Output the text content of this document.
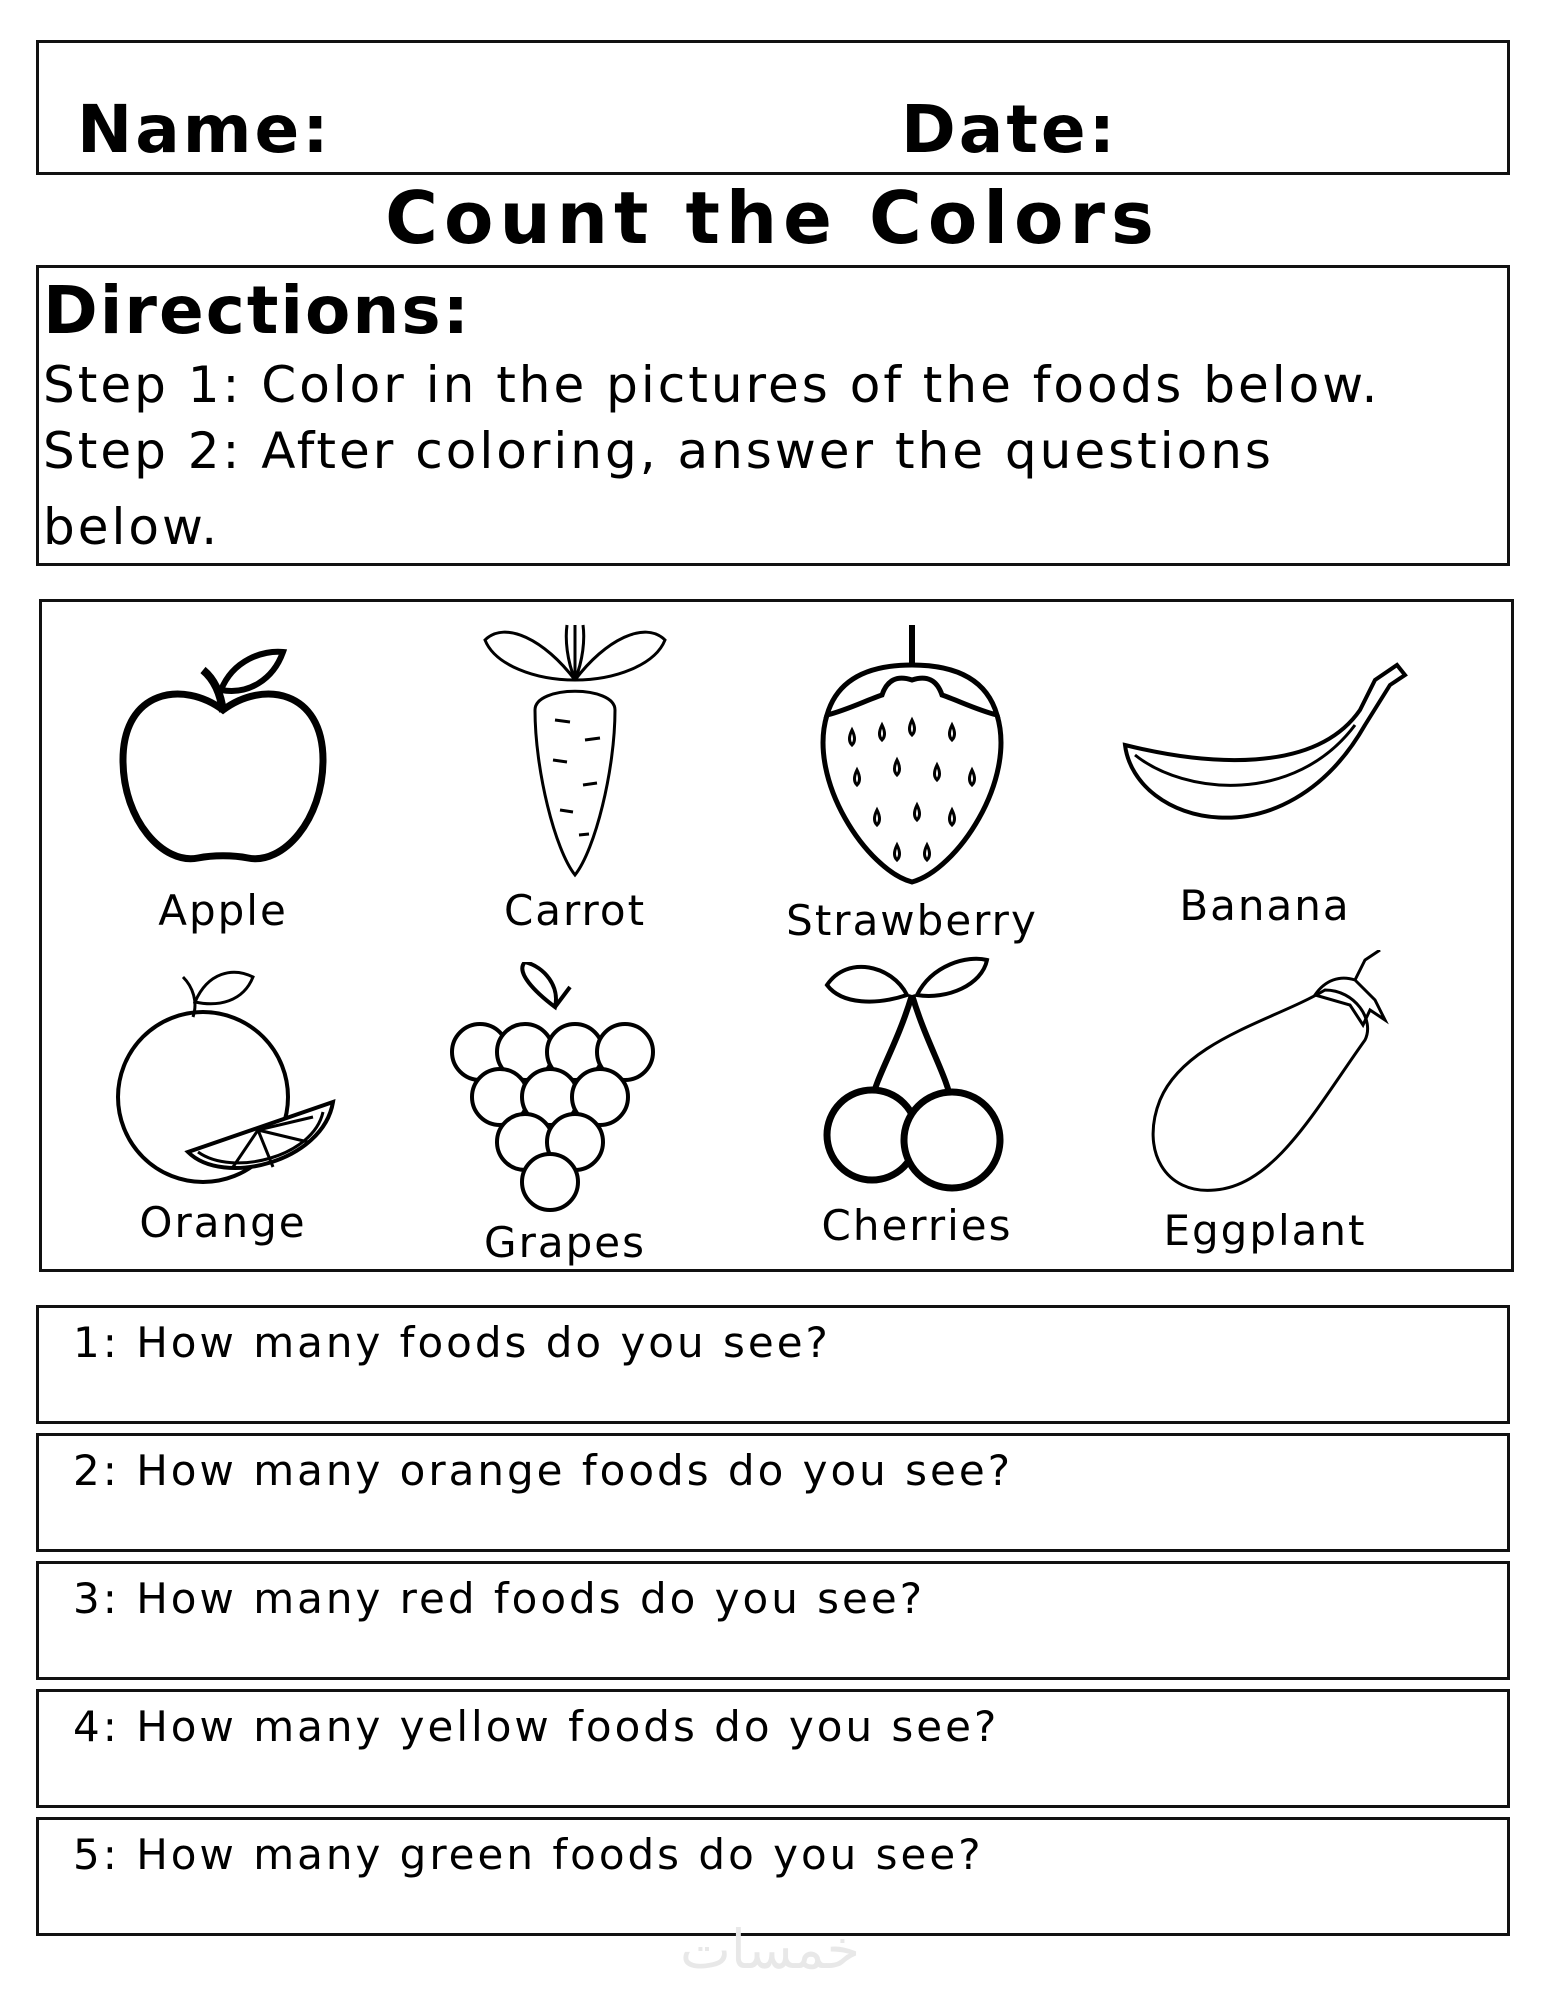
Name:	Date:
Count the Colors
Directions:
Step 1: Color in the pictures of the foods below.
Step 2: After coloring, answer the questions
below.
Apple	Carrot	Strawberry	Banana
Orange	Grapes	Cherries	Eggplant
1: How many foods do you see?
2: How many orange foods do you see?
3: How many red foods do you see?
4: How many yellow foods do you see?
5: How many green foods do you see?
خمسات
